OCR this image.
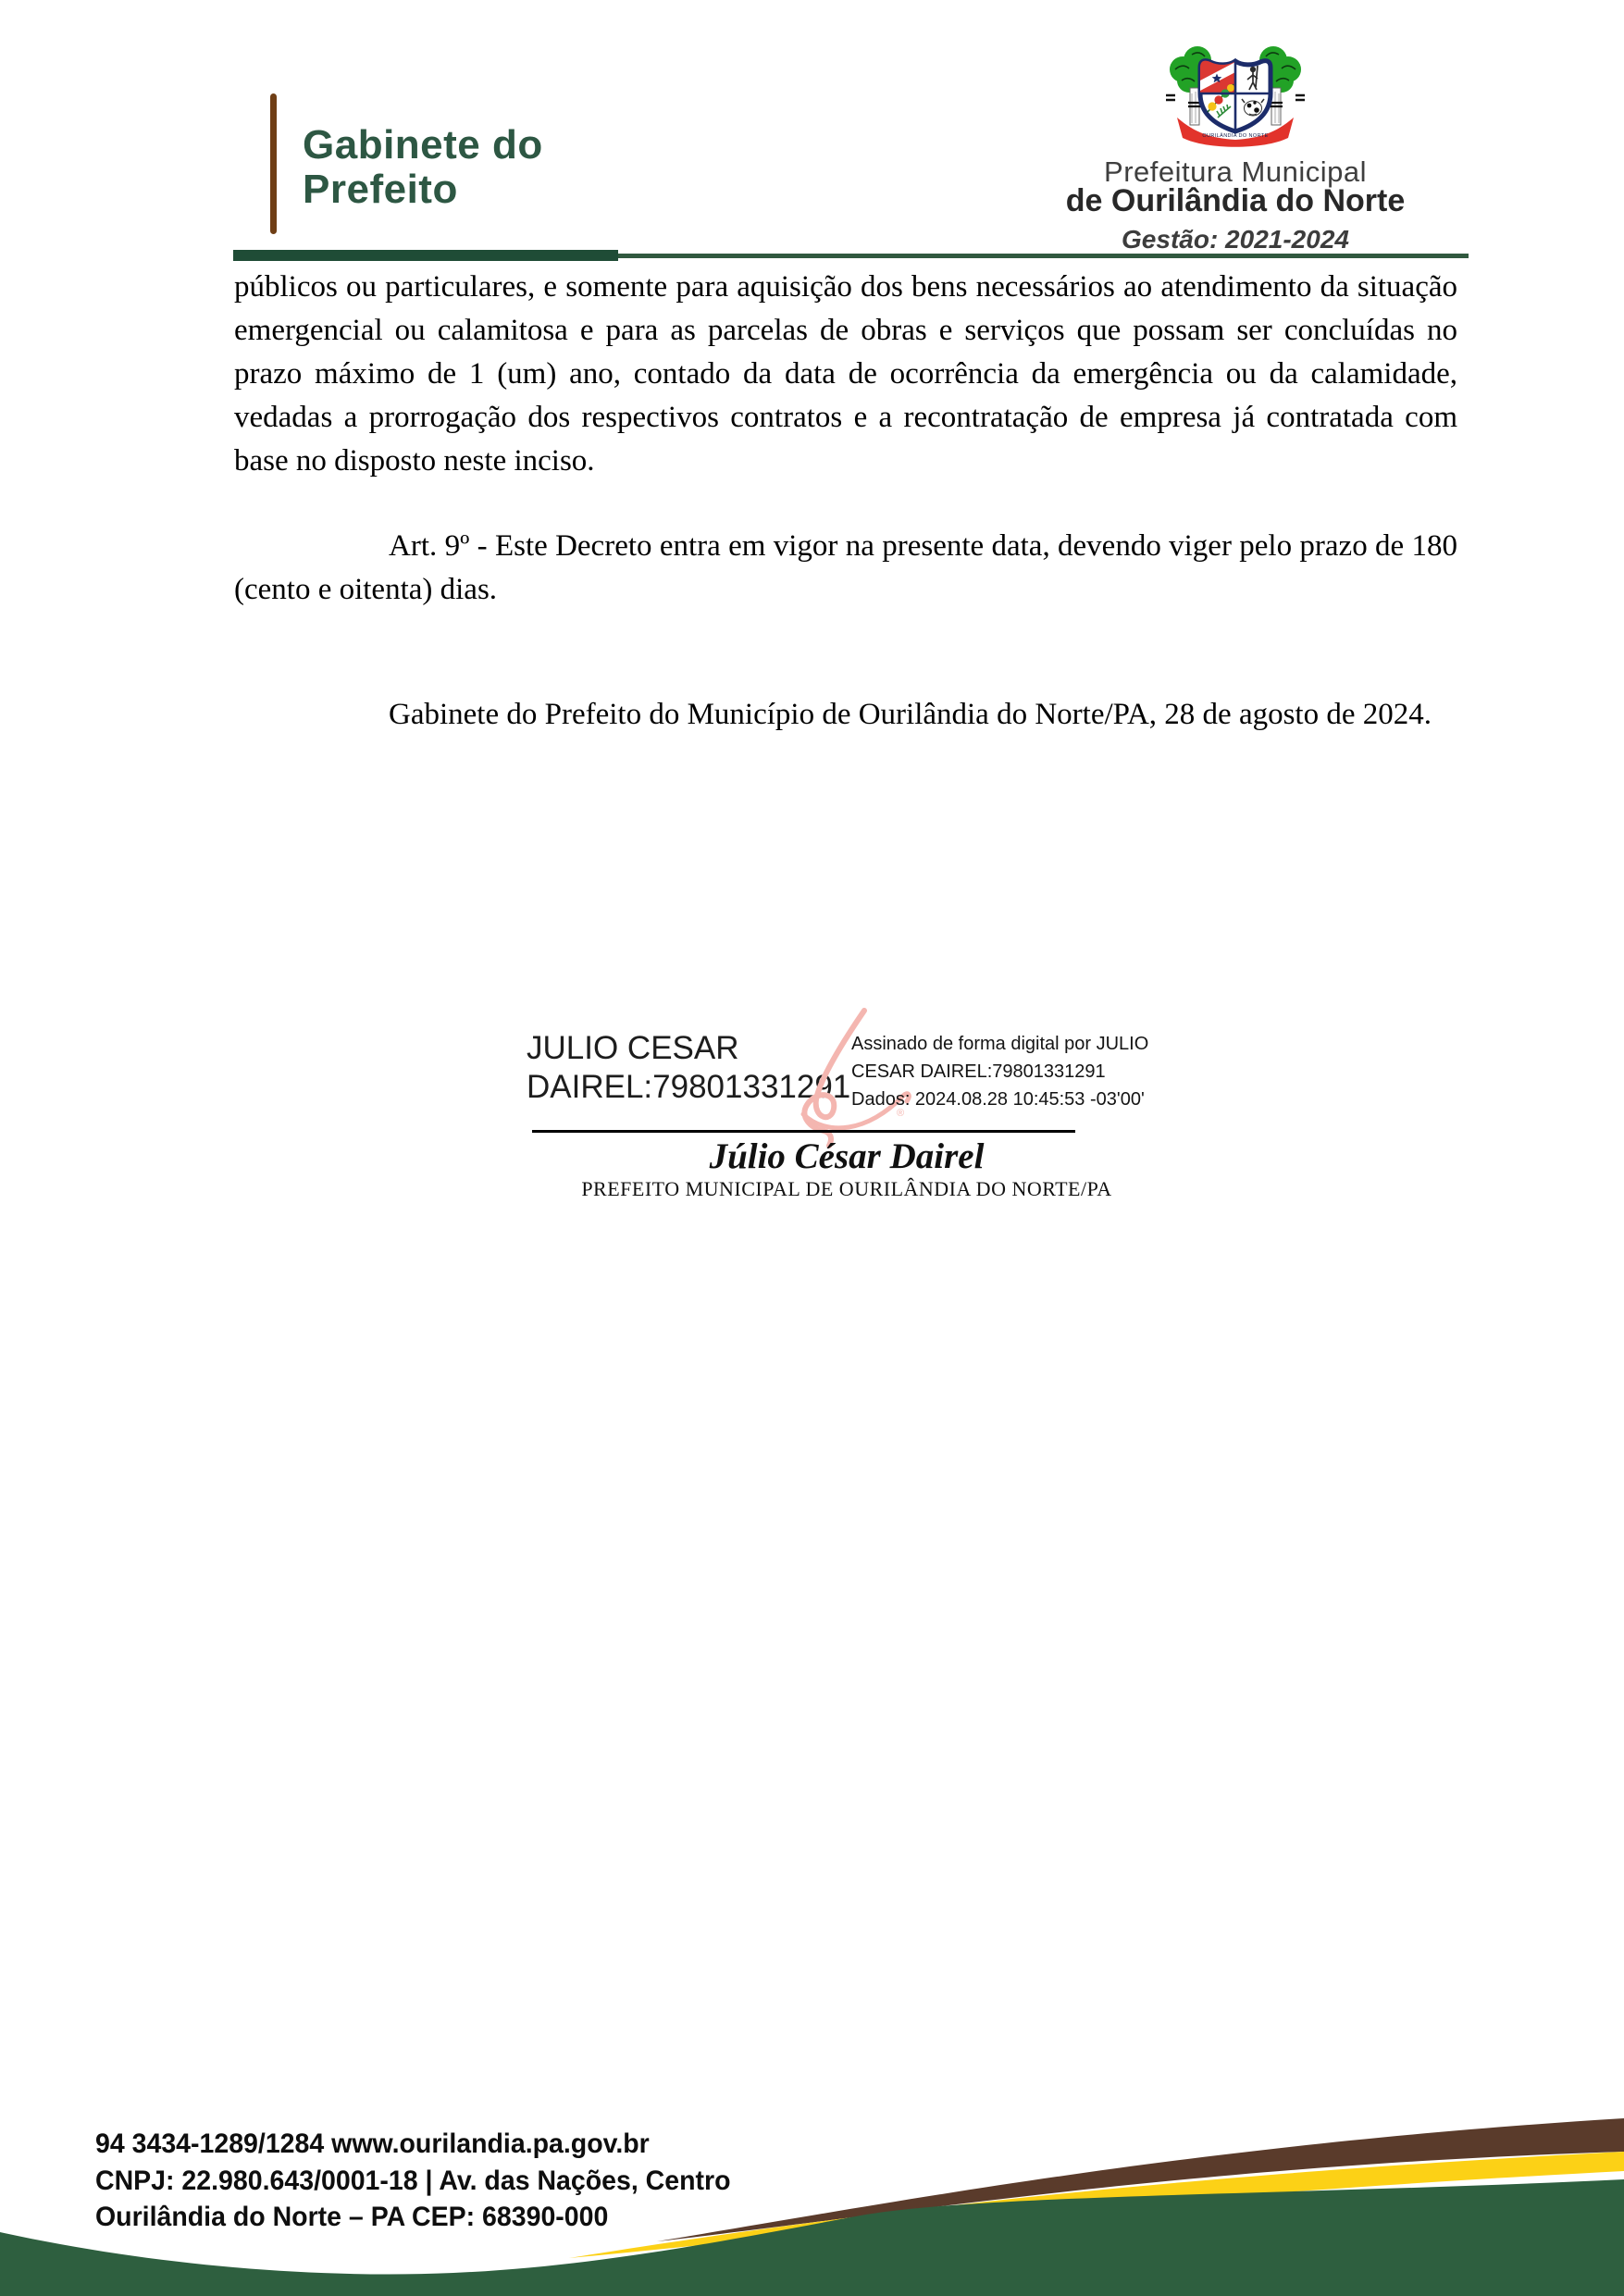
Gabinete do
Prefeito
OURILÂNDIA DO NORTE
Prefeitura Municipal
de Ourilândia do Norte
Gestão: 2021-2024

públicos ou particulares, e somente para aquisição dos bens necessários ao atendimento da situação emergencial ou calamitosa e para as parcelas de obras e serviços que possam ser concluídas no prazo máximo de 1 (um) ano, contado da data de ocorrência da emergência ou da calamidade, vedadas a prorrogação dos respectivos contratos e a recontratação de empresa já contratada com base no disposto neste inciso.

Art. 9º - Este Decreto entra em vigor na presente data, devendo viger pelo prazo de 180 (cento e oitenta) dias.

Gabinete do Prefeito do Município de Ourilândia do Norte/PA, 28 de agosto de 2024.

JULIO CESAR
DAIREL:79801331291
®
Assinado de forma digital por JULIO
CESAR DAIREL:79801331291
Dados: 2024.08.28 10:45:53 -03'00'
Júlio César Dairel
PREFEITO MUNICIPAL DE OURILÂNDIA DO NORTE/PA
94 3434-1289/1284 www.ourilandia.pa.gov.br
CNPJ: 22.980.643/0001-18 | Av. das Nações, Centro
Ourilândia do Norte – PA CEP: 68390-000
